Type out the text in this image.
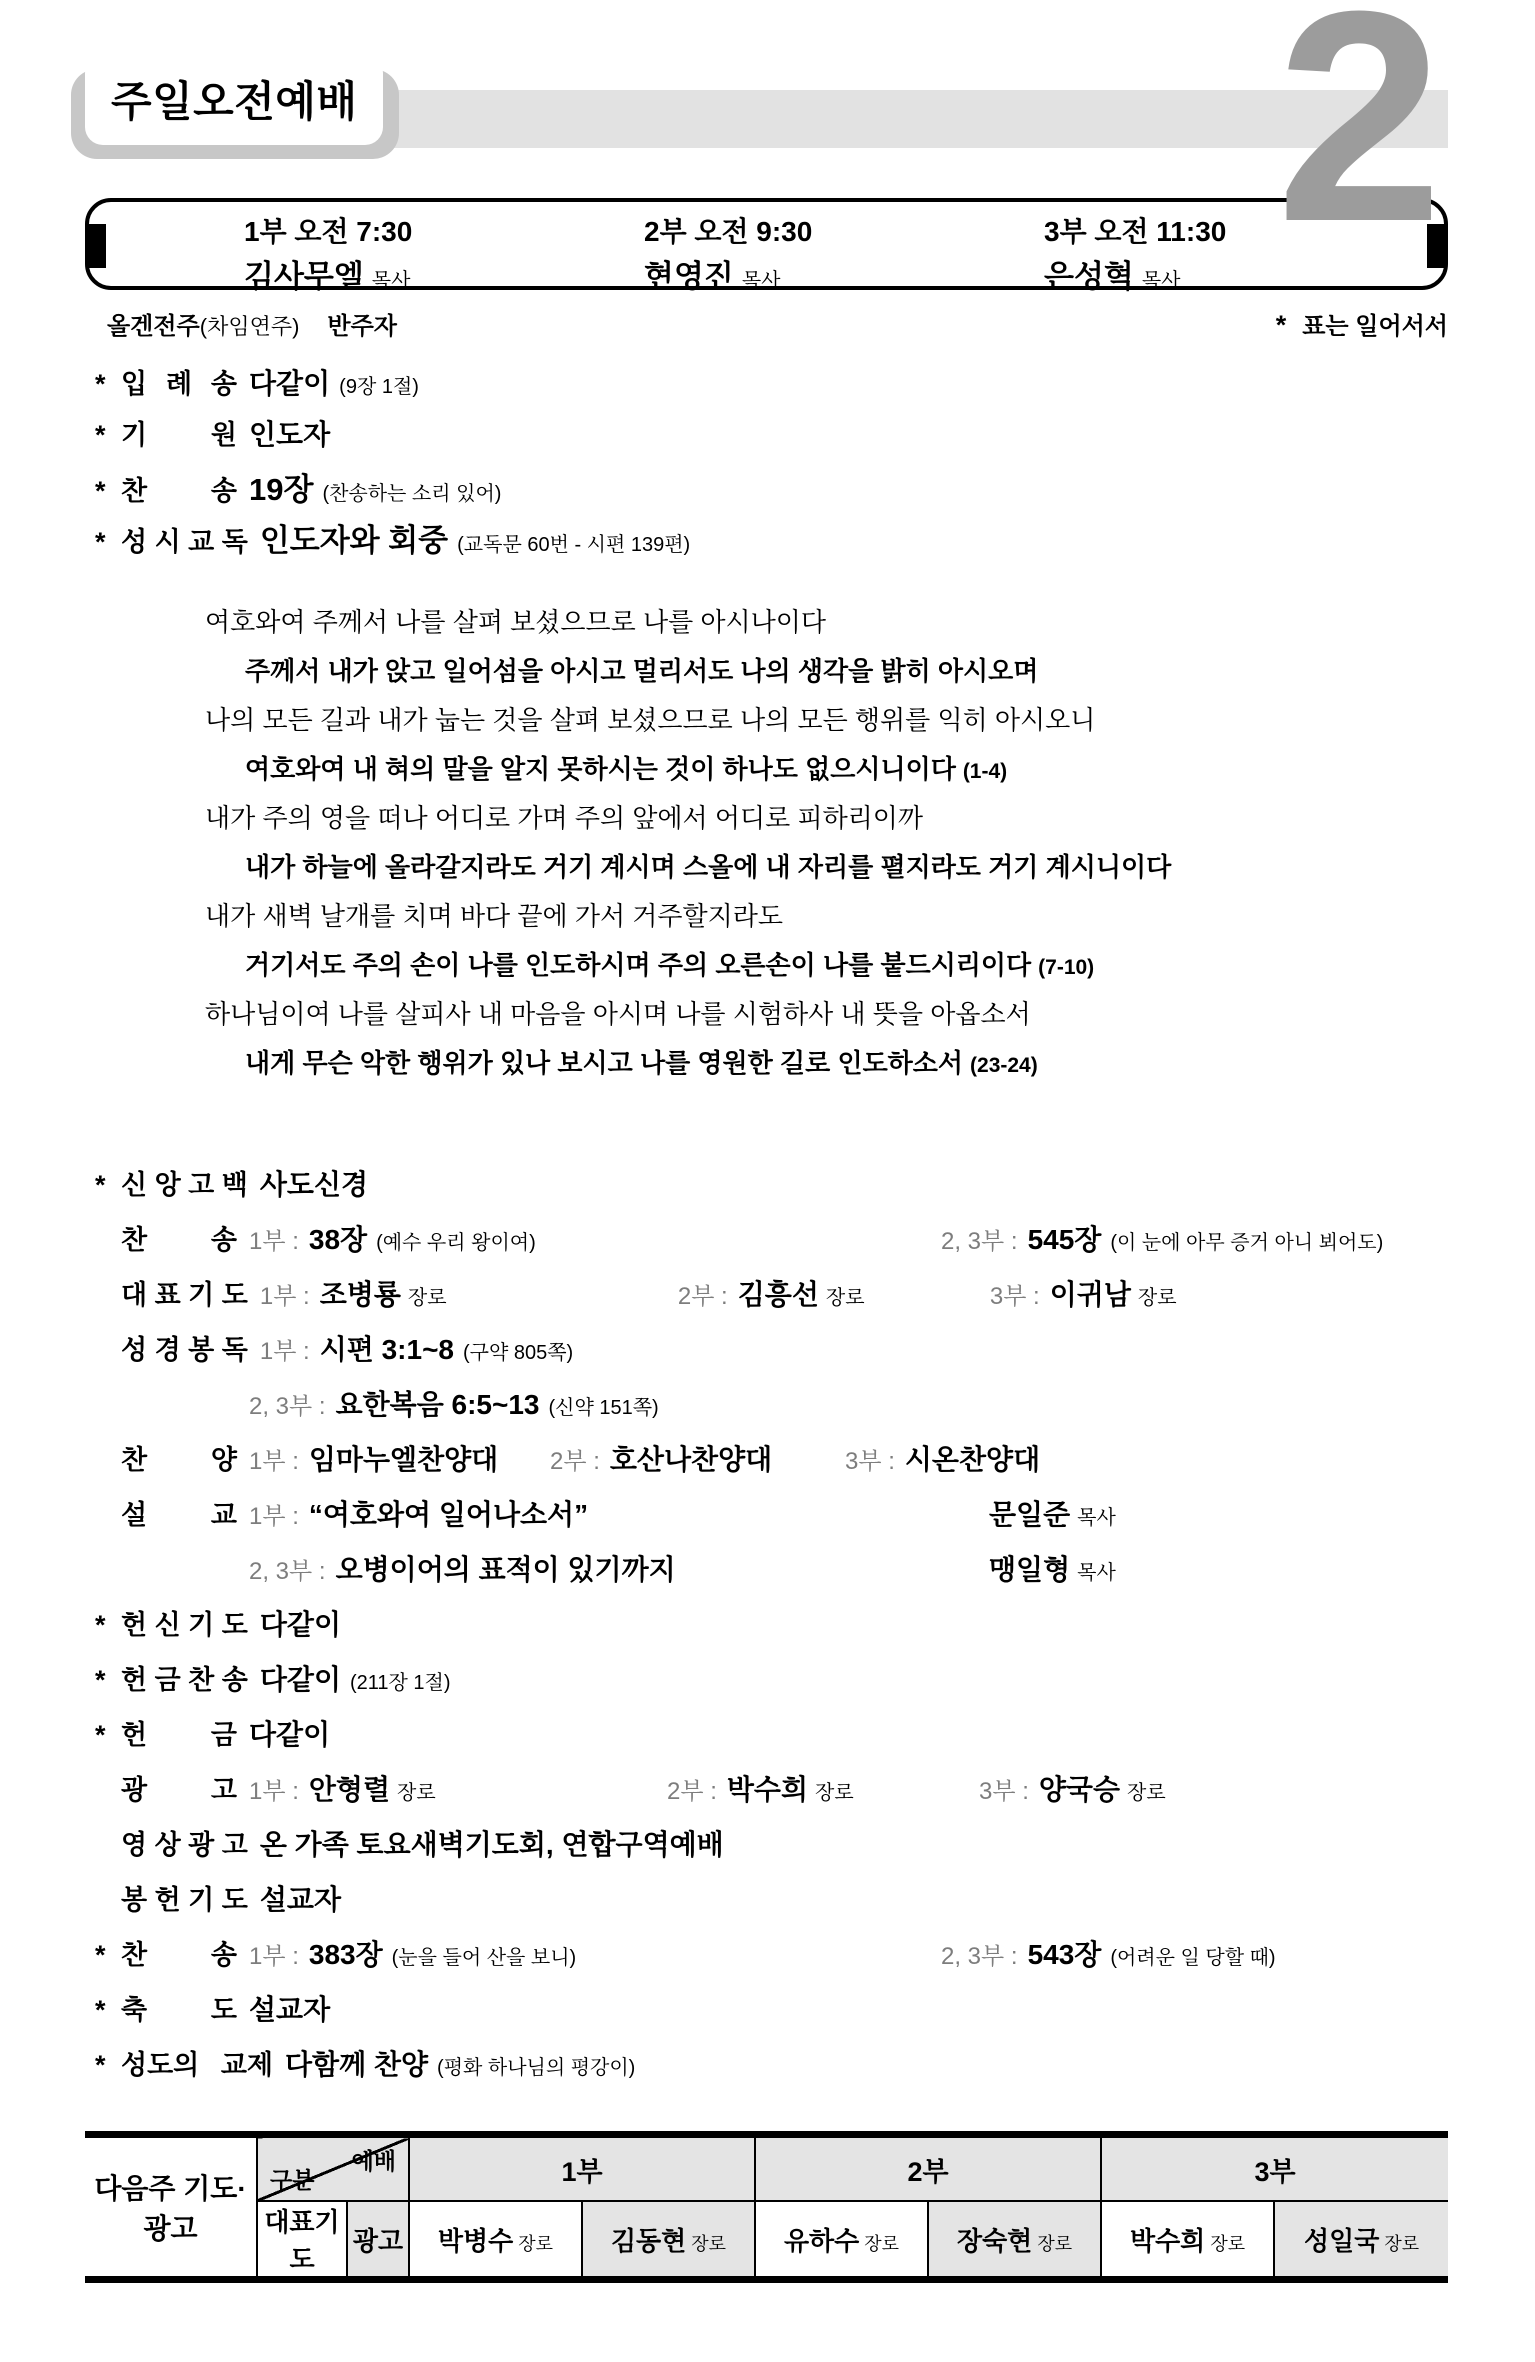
2
주일오전예배
1부 오전 7:30
김사무엘 목사
2부 오전 9:30
현영진 목사
3부 오전 11:30
은성혁 목사
올겐전주(차임연주) 반주자	* 표는 일어서서
* 입 례 송 다같이 (9장 1절)
* 기 원 인도자
* 찬 송 19장 (찬송하는 소리 있어)
* 성 시 교 독 인도자와 회중 (교독문 60번 - 시편 139편)
여호와여 주께서 나를 살펴 보셨으므로 나를 아시나이다
주께서 내가 앉고 일어섬을 아시고 멀리서도 나의 생각을 밝히 아시오며
나의 모든 길과 내가 눕는 것을 살펴 보셨으므로 나의 모든 행위를 익히 아시오니
여호와여 내 혀의 말을 알지 못하시는 것이 하나도 없으시니이다 (1-4)
내가 주의 영을 떠나 어디로 가며 주의 앞에서 어디로 피하리이까
내가 하늘에 올라갈지라도 거기 계시며 스올에 내 자리를 펼지라도 거기 계시니이다
내가 새벽 날개를 치며 바다 끝에 가서 거주할지라도
거기서도 주의 손이 나를 인도하시며 주의 오른손이 나를 붙드시리이다 (7-10)
하나님이여 나를 살피사 내 마음을 아시며 나를 시험하사 내 뜻을 아옵소서
내게 무슨 악한 행위가 있나 보시고 나를 영원한 길로 인도하소서 (23-24)
* 신 앙 고 백 사도신경
찬 송 1부 : 38장 (예수 우리 왕이여)	2, 3부 : 545장 (이 눈에 아무 증거 아니 뵈어도)
대 표 기 도 1부 : 조병룡 장로	2부 : 김흥선 장로	3부 : 이귀남 장로
성 경 봉 독 1부 : 시편 3:1~8 (구약 805쪽)
2, 3부 : 요한복음 6:5~13 (신약 151쪽)
찬 양 1부 : 임마누엘찬양대 2부 : 호산나찬양대	3부 : 시온찬양대
설 교 1부 : “여호와여 일어나소서”	문일준 목사
2, 3부 : 오병이어의 표적이 있기까지	맹일형 목사
* 헌 신 기 도 다같이
* 헌 금 찬 송 다같이 (211장 1절)
* 헌 금 다같이
광 고 1부 : 안형렬 장로	2부 : 박수희 장로	3부 : 양국승 장로
영 상 광 고 온 가족 토요새벽기도회, 연합구역예배
봉 헌 기 도 설교자
* 찬 송 1부 : 383장 (눈을 들어 산을 보니)	2, 3부 : 543장 (어려운 일 당할 때)
* 축 도 설교자
* 성도의 교제 다함께 찬양 (평화 하나님의 평강이)
다음주 기도·광고	예배
구분		1부		2부		3부	
	대표기도	광고	박병수 장로	김동현 장로	유하수 장로	장숙현 장로	박수희 장로	성일국 장로
